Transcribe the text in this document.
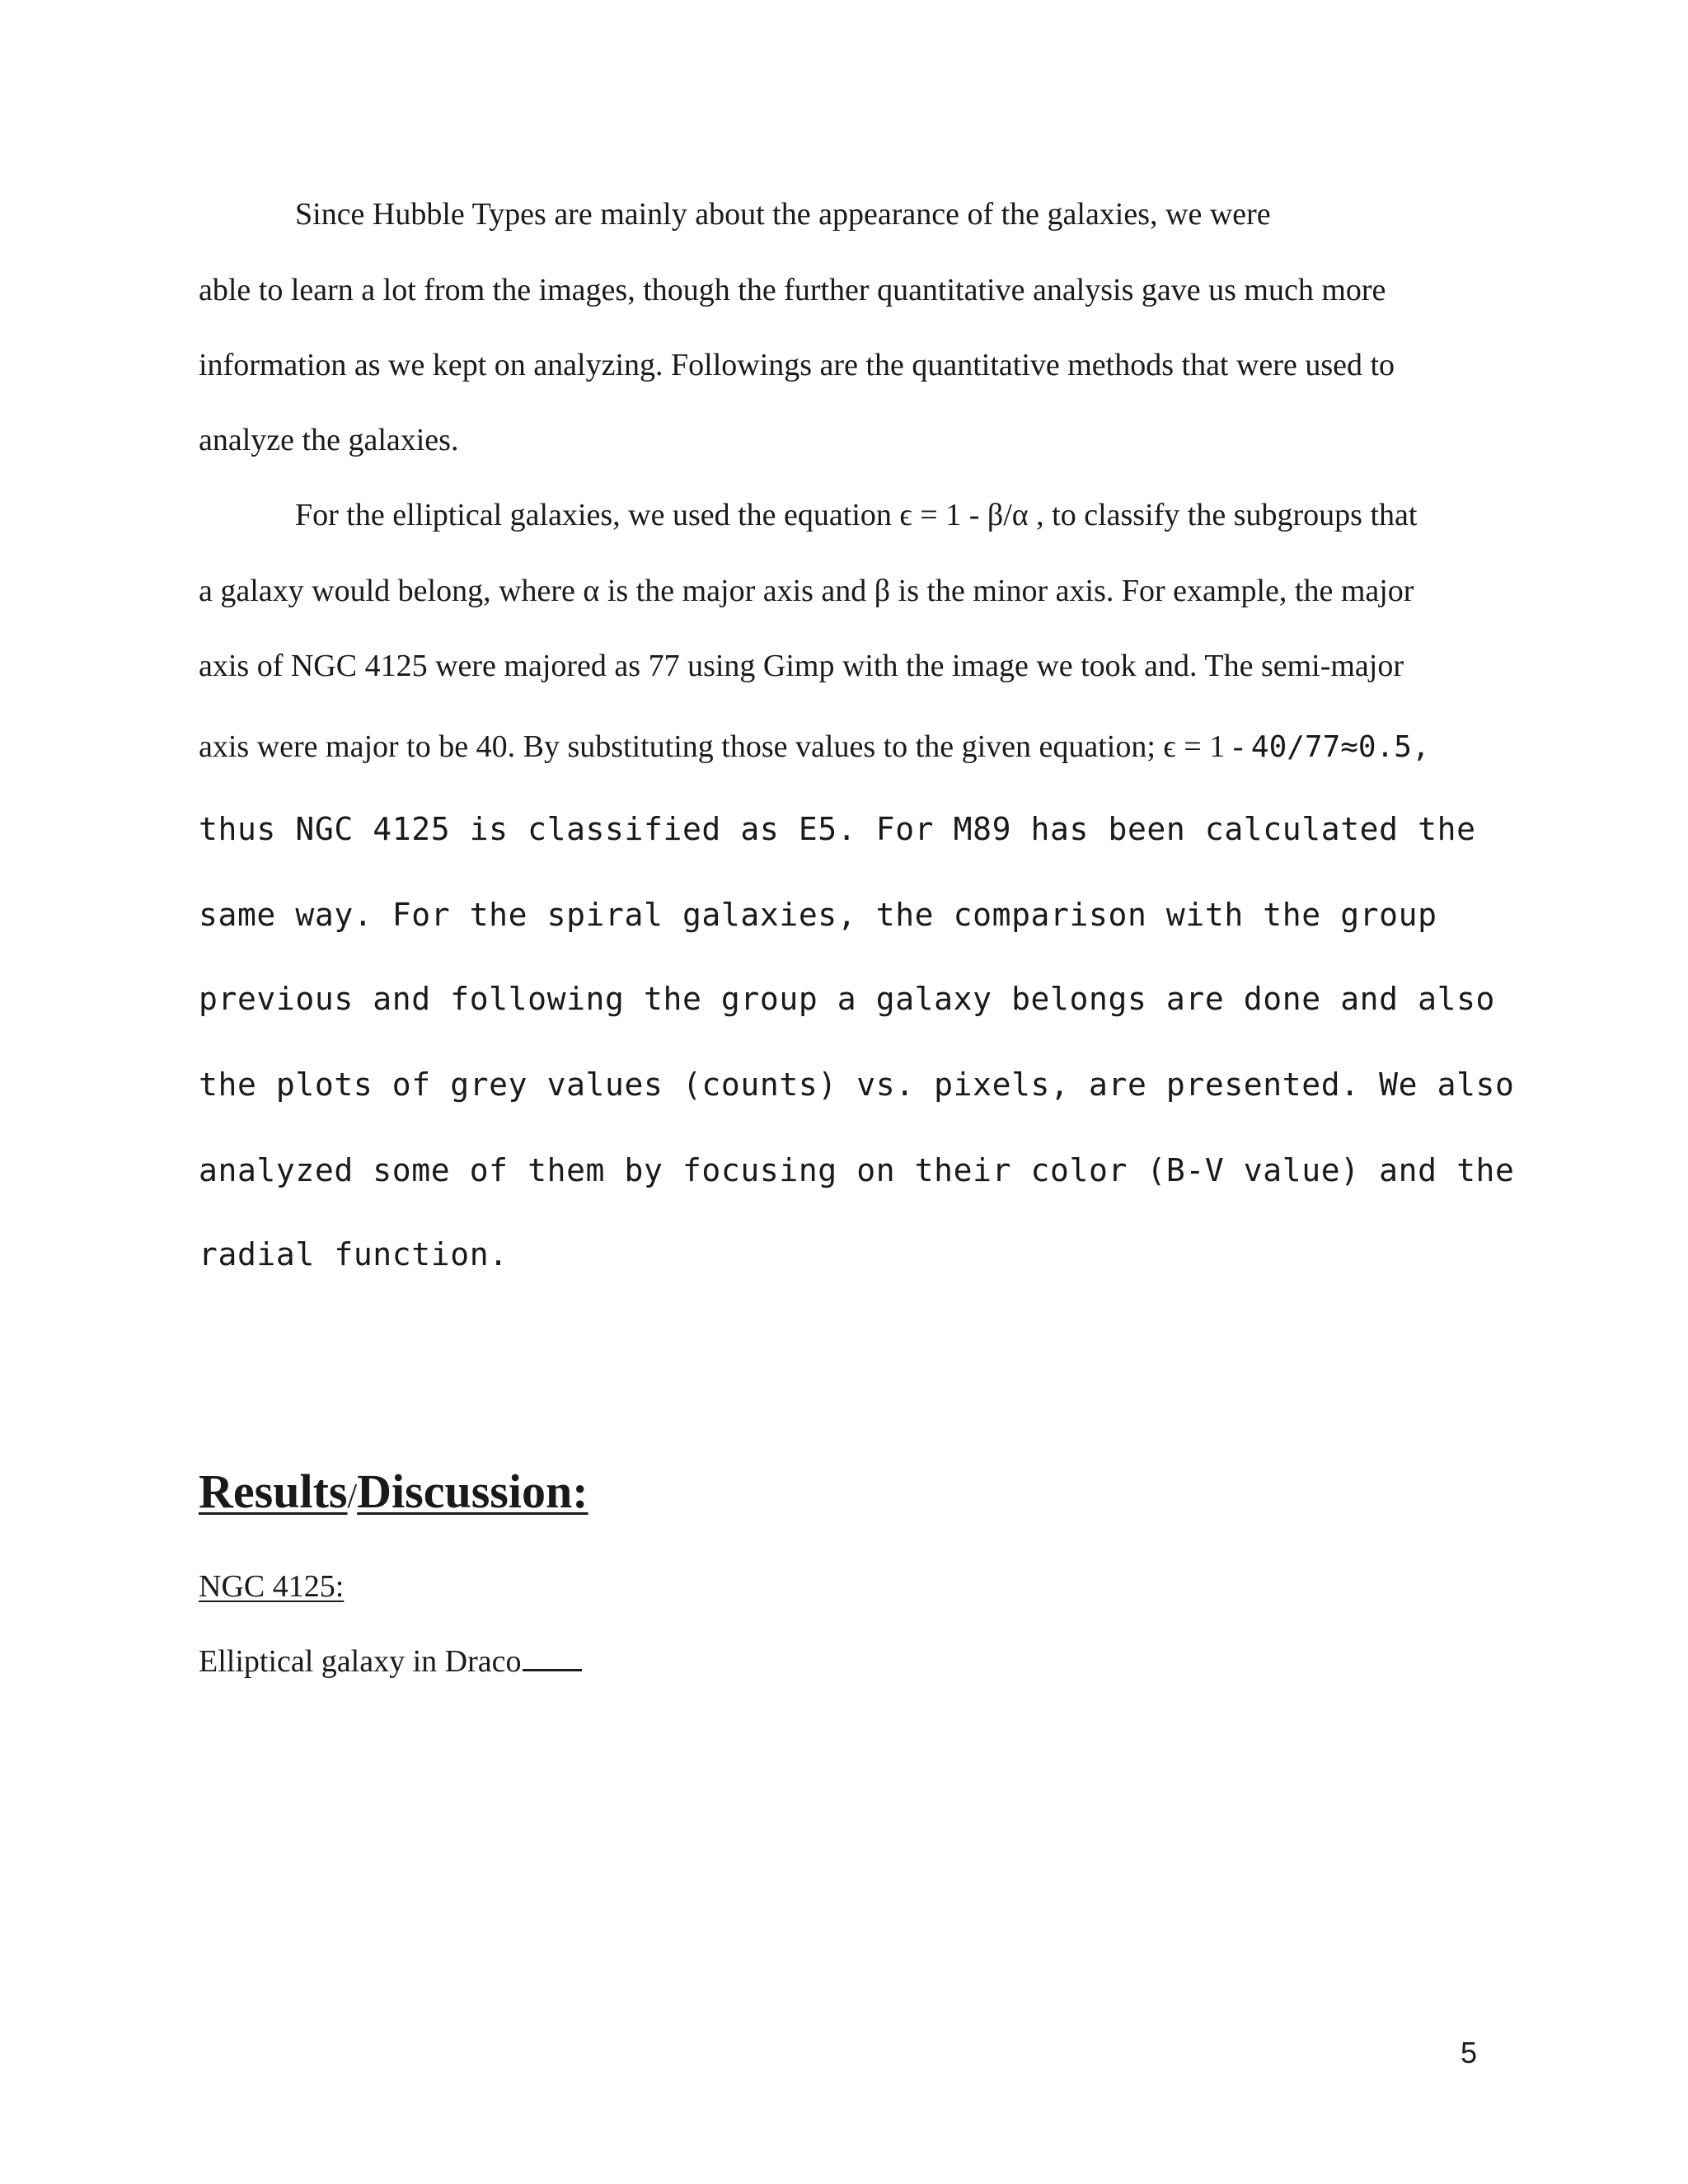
Since Hubble Types are mainly about the appearance of the galaxies, we were

able to learn a lot from the images, though the further quantitative analysis gave us much more

information as we kept on analyzing. Followings are the quantitative methods that were used to

analyze the galaxies.

For the elliptical galaxies, we used the equation ϵ = 1 - β/α , to classify the subgroups that

a galaxy would belong, where α is the major axis and β is the minor axis. For example, the major

axis of NGC 4125 were majored as 77 using Gimp with the image we took and. The semi-major

axis were major to be 40. By substituting those values to the given equation; ϵ = 1 - 40/77≈0.5,

thus NGC 4125 is classified as E5. For M89 has been calculated the

same way. For the spiral galaxies, the comparison with the group

previous and following the group a galaxy belongs are done and also

the plots of grey values (counts) vs. pixels, are presented. We also

analyzed some of them by focusing on their color (B-V value) and the

radial function.

Results/Discussion:

NGC 4125:

Elliptical galaxy in Draco

5
